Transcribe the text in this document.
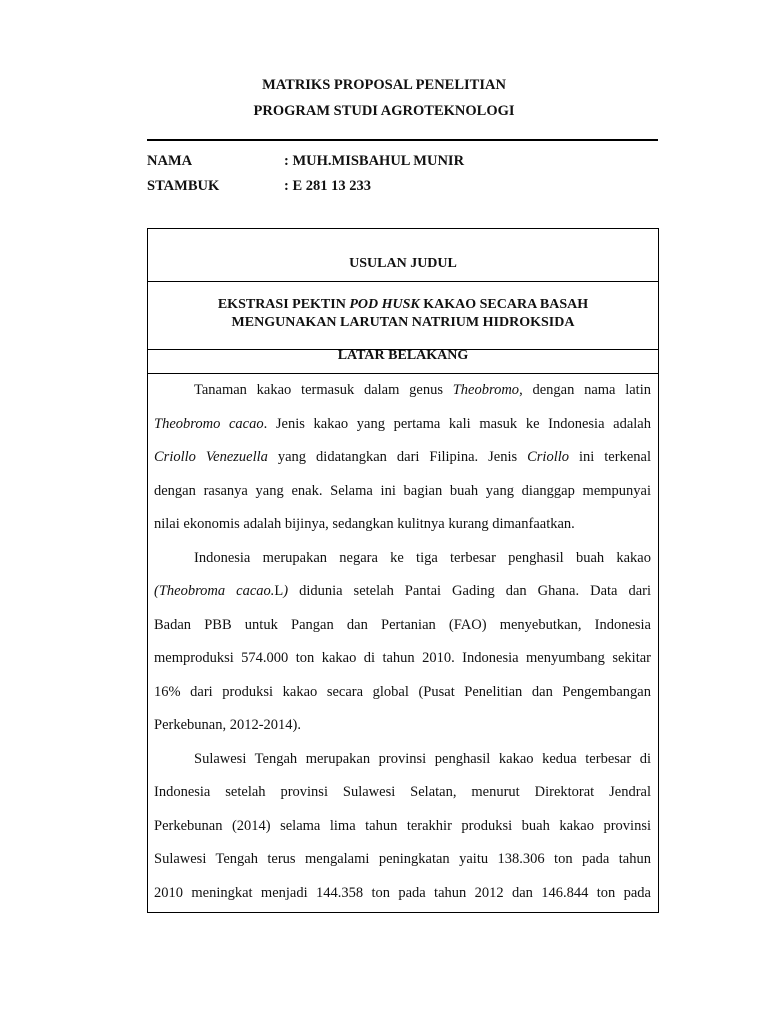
MATRIKS PROPOSAL PENELITIAN
PROGRAM STUDI AGROTEKNOLOGI
NAMA	: MUH.MISBAHUL MUNIR
STAMBUK	: E 281 13 233
USULAN JUDUL
EKSTRASI PEKTIN POD HUSK KAKAO SECARA BASAH
MENGUNAKAN LARUTAN NATRIUM HIDROKSIDA
LATAR BELAKANG
Tanaman kakao termasuk dalam genus Theobromo, dengan nama latin
Theobromo cacao. Jenis kakao yang pertama kali masuk ke Indonesia adalah
Criollo Venezuella yang didatangkan dari Filipina. Jenis Criollo ini terkenal
dengan rasanya yang enak. Selama ini bagian buah yang dianggap mempunyai
nilai ekonomis adalah bijinya, sedangkan kulitnya kurang dimanfaatkan.
Indonesia merupakan negara ke tiga terbesar penghasil buah kakao
(Theobroma cacao.L) didunia setelah Pantai Gading dan Ghana. Data dari
Badan PBB untuk Pangan dan Pertanian (FAO) menyebutkan, Indonesia
memproduksi 574.000 ton kakao di tahun 2010. Indonesia menyumbang sekitar
16% dari produksi kakao secara global (Pusat Penelitian dan Pengembangan
Perkebunan, 2012-2014).
Sulawesi Tengah merupakan provinsi penghasil kakao kedua terbesar di
Indonesia setelah provinsi Sulawesi Selatan, menurut Direktorat Jendral
Perkebunan (2014) selama lima tahun terakhir produksi buah kakao provinsi
Sulawesi Tengah terus mengalami peningkatan yaitu 138.306 ton pada tahun
2010 meningkat menjadi 144.358 ton pada tahun 2012 dan 146.844 ton pada
